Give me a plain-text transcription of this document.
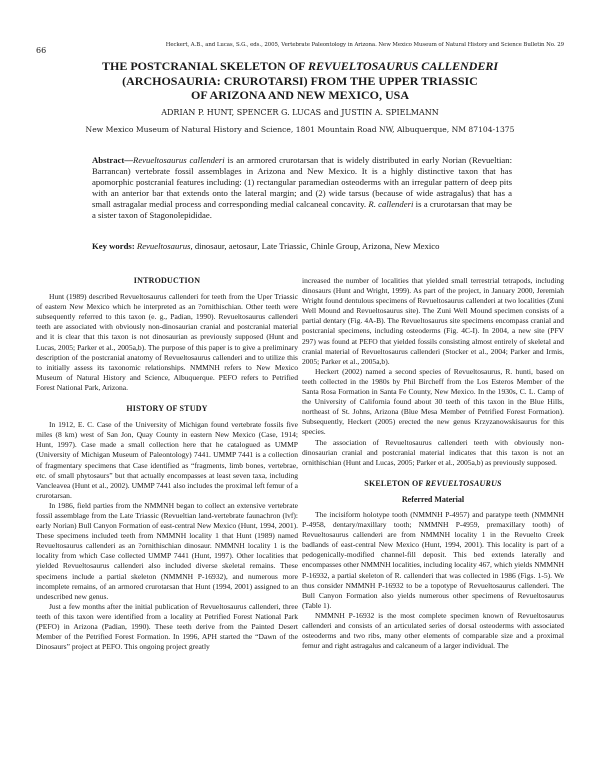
66
Heckert, A.B., and Lucas, S.G., eds., 2005, Vertebrate Paleontology in Arizona. New Mexico Museum of Natural History and Science Bulletin No. 29
THE POSTCRANIAL SKELETON OF REVUELTOSAURUS CALLENDERI
(ARCHOSAURIA: CRUROTARSI) FROM THE UPPER TRIASSIC
OF ARIZONA AND NEW MEXICO, USA

ADRIAN P. HUNT, SPENCER G. LUCAS and JUSTIN A. SPIELMANN

New Mexico Museum of Natural History and Science, 1801 Mountain Road NW, Albuquerque, NM 87104-1375

Abstract—Revueltosaurus callenderi is an armored crurotarsan that is widely distributed in early Norian (Revueltian: Barrancan) vertebrate fossil assemblages in Arizona and New Mexico. It is a highly distinctive taxon that has apomorphic postcranial features including: (1) rectangular paramedian osteoderms with an irregular pattern of deep pits with an anterior bar that extends onto the lateral margin; and (2) wide tarsus (because of wide astragalus) that has a small astragalar medial process and corresponding medial calcaneal concavity. R. callenderi is a crurotarsan that may be a sister taxon of Stagonolepididae.

Key words: Revueltosaurus, dinosaur, aetosaur, Late Triassic, Chinle Group, Arizona, New Mexico

INTRODUCTION

Hunt (1989) described Revueltosaurus callenderi for teeth from the Uper Triassic of eastern New Mexico which he interpreted as an ?ornithischian. Other teeth were subsequently referred to this taxon (e. g., Padian, 1990). Revueltosaurus callenderi teeth are associated with obviously non-dinosaurian cranial and postcranial material and it is clear that this taxon is not dinosaurian as previously supposed (Hunt and Lucas, 2005; Parker et al., 2005a,b). The purpose of this paper is to give a preliminary description of the postcranial anatomy of Revueltosaurus callenderi and to utilize this to initially assess its taxonomic relationships. NMMNH refers to New Mexico Museum of Natural History and Science, Albuquerque. PEFO refers to Petrified Forest National Park, Arizona.

HISTORY OF STUDY

In 1912, E. C. Case of the University of Michigan found vertebrate fossils five miles (8 km) west of San Jon, Quay County in eastern New Mexico (Case, 1914; Hunt, 1997). Case made a small collection here that he catalogued as UMMP (University of Michigan Museum of Paleontology) 7441. UMMP 7441 is a collection of fragmentary specimens that Case identified as “fragments, limb bones, vertebrae, etc. of small phytosaurs” but that actually encompasses at least seven taxa, including Vancleavea (Hunt et al., 2002). UMMP 7441 also includes the proximal left femur of a crurotarsan.

In 1986, field parties from the NMMNH began to collect an extensive vertebrate fossil assemblage from the Late Triassic (Revueltian land-vertebrate faunachron (lvf): early Norian) Bull Canyon Formation of east-central New Mexico (Hunt, 1994, 2001). These specimens included teeth from NMMNH locality 1 that Hunt (1989) named Revueltosaurus callenderi as an ?ornithischian dinosaur. NMMNH locality 1 is the locality from which Case collected UMMP 7441 (Hunt, 1997). Other localities that yielded Revueltosaurus callenderi also included diverse skeletal remains. These specimens include a partial skeleton (NMMNH P-16932), and numerous more incomplete remains, of an armored crurotarsan that Hunt (1994, 2001) assigned to an undescribed new genus.

Just a few months after the initial publication of Revueltosaurus callenderi, three teeth of this taxon were identified from a locality at Petrified Forest National Park (PEFO) in Arizona (Padian, 1990). These teeth derive from the Painted Desert Member of the Petrified Forest Formation. In 1996, APH started the “Dawn of the Dinosaurs” project at PEFO. This ongoing project greatly

increased the number of localities that yielded small terrestrial tetrapods, including dinosaurs (Hunt and Wright, 1999). As part of the project, in January 2000, Jeremiah Wright found dentulous specimens of Revueltosaurus callenderi at two localities (Zuni Well Mound and Revueltosaurus site). The Zuni Well Mound specimen consists of a partial dentary (Fig. 4A-B). The Revueltosaurus site specimens encompass cranial and postcranial specimens, including osteoderms (Fig. 4C-I). In 2004, a new site (PFV 297) was found at PEFO that yielded fossils consisting almost entirely of skeletal and cranial material of Revueltosaurus callenderi (Stocker et al., 2004; Parker and Irmis, 2005; Parker et al., 2005a,b).

Heckert (2002) named a second species of Revueltosaurus, R. hunti, based on teeth collected in the 1980s by Phil Bircheff from the Los Esteros Member of the Santa Rosa Formation in Santa Fe County, New Mexico. In the 1930s, C. L. Camp of the University of California found about 30 teeth of this taxon in the Blue Hills, northeast of St. Johns, Arizona (Blue Mesa Member of Petrified Forest Formation). Subsequently, Heckert (2005) erected the new genus Krzyzanowskisaurus for this species.

The association of Revueltosaurus callenderi teeth with obviously non-dinosaurian cranial and postcranial material indicates that this taxon is not an ornithischian (Hunt and Lucas, 2005; Parker et al., 2005a,b) as previously supposed.

SKELETON OF REVUELTOSAURUS
Referred Material

The incisiform holotype tooth (NMMNH P-4957) and paratype teeth (NMMNH P-4958, dentary/maxillary tooth; NMMNH P-4959, premaxillary tooth) of Revueltosaurus callenderi are from NMMNH locality 1 in the Revuelto Creek badlands of east-central New Mexico (Hunt, 1994, 2001). This locality is part of a pedogenically-modified channel-fill deposit. This bed extends laterally and encompasses other NMMNH localities, including locality 467, which yields NMMNH P-16932, a partial skeleton of R. callenderi that was collected in 1986 (Figs. 1-5). We thus consider NMMNH P-16932 to be a topotype of Revueltosaurus callenderi. The Bull Canyon Formation also yields numerous other specimens of Revueltosaurus (Table 1).

NMMNH P-16932 is the most complete specimen known of Revueltosaurus callenderi and consists of an articulated series of dorsal osteoderms with associated osteoderms and two ribs, many other elements of comparable size and a proximal femur and right astragalus and calcaneum of a larger individual. The
